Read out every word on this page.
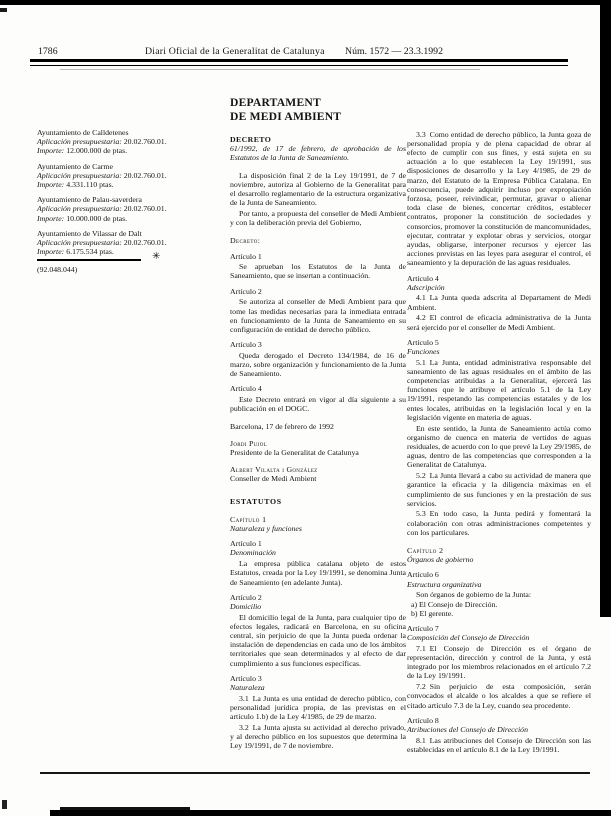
1786	Diari Oficial de la Generalitat de Catalunya Núm. 1572 — 23.3.1992
Ayuntamiento de Calldetenes
Aplicación presupuestaria: 20.02.760.01.
Importe: 12.000.000 de ptas.
Ayuntamiento de Carme
Aplicación presupuestaria: 20.02.760.01.
Importe: 4.331.110 ptas.
Ayuntamiento de Palau-saverdera
Aplicación presupuestaria: 20.02.760.01.
Importe: 10.000.000 de ptas.
Ayuntamiento de Vilassar de Dalt
Aplicación presupuestaria: 20.02.760.01.
Importe: 6.175.534 ptas.
(92.048.044)
✳
DEPARTAMENT
DE MEDI AMBIENT
DECRETO
61/1992, de 17 de febrero, de aprobación de los Estatutos de la Junta de Saneamiento.
La disposición final 2 de la Ley 19/1991, de 7 de noviembre, autoriza al Gobierno de la Generalitat para el desarrollo reglamentario de la estructura organizativa de la Junta de Saneamiento.
Por tanto, a propuesta del conseller de Medi Ambient y con la deliberación previa del Gobierno,
Decreto:
Artículo 1
Se aprueban los Estatutos de la Junta de Saneamiento, que se insertan a continuación.
Artículo 2
Se autoriza al conseller de Medi Ambient para que tome las medidas necesarias para la inmediata entrada en funcionamiento de la Junta de Saneamiento en su configuración de entidad de derecho público.
Artículo 3
Queda derogado el Decreto 134/1984, de 16 de marzo, sobre organización y funcionamiento de la Junta de Saneamiento.
Artículo 4
Este Decreto entrará en vigor al día siguiente a su publicación en el DOGC.
Barcelona, 17 de febrero de 1992
Jordi Pujol
Presidente de la Generalitat de Catalunya
Albert Vilalta i González
Conseller de Medi Ambient
ESTATUTOS
Capítulo 1
Naturaleza y funciones
Artículo 1
Denominación
La empresa pública catalana objeto de estos Estatutos, creada por la Ley 19/1991, se denomina Junta de Saneamiento (en adelante Junta).
Artículo 2
Domicilio
El domicilio legal de la Junta, para cualquier tipo de efectos legales, radicará en Barcelona, en su oficina central, sin perjuicio de que la Junta pueda ordenar la instalación de dependencias en cada uno de los ámbitos territoriales que sean determinados y al efecto de dar cumplimiento a sus funciones específicas.
Artículo 3
Naturaleza
3.1 La Junta es una entidad de derecho público, con personalidad jurídica propia, de las previstas en el artículo 1.b) de la Ley 4/1985, de 29 de marzo.
3.2 La Junta ajusta su actividad al derecho privado, y al derecho público en los supuestos que determina la Ley 19/1991, de 7 de noviembre.
3.3 Como entidad de derecho público, la Junta goza de personalidad propia y de plena capacidad de obrar al efecto de cumplir con sus fines, y está sujeta en su actuación a lo que establecen la Ley 19/1991, sus disposiciones de desarrollo y la Ley 4/1985, de 29 de marzo, del Estatuto de la Empresa Pública Catalana. En consecuencia, puede adquirir incluso por expropiación forzosa, poseer, reivindicar, permutar, gravar o alienar toda clase de bienes, concertar créditos, establecer contratos, proponer la constitución de sociedades y consorcios, promover la constitución de mancomunidades, ejecutar, contratar y explotar obras y servicios, otorgar ayudas, obligarse, interponer recursos y ejercer las acciones previstas en las leyes para asegurar el control, el saneamiento y la depuración de las aguas residuales.
Artículo 4
Adscripción
4.1 La Junta queda adscrita al Departament de Medi Ambient.
4.2 El control de eficacia administrativa de la Junta será ejercido por el conseller de Medi Ambient.
Artículo 5
Funciones
5.1 La Junta, entidad administrativa responsable del saneamiento de las aguas residuales en el ámbito de las competencias atribuidas a la Generalitat, ejercerá las funciones que le atribuye el artículo 5.1 de la Ley 19/1991, respetando las competencias estatales y de los entes locales, atribuidas en la legislación local y en la legislación vigente en materia de aguas.
En este sentido, la Junta de Saneamiento actúa como organismo de cuenca en materia de vertidos de aguas residuales, de acuerdo con lo que prevé la Ley 29/1985, de aguas, dentro de las competencias que corresponden a la Generalitat de Catalunya.
5.2 La Junta llevará a cabo su actividad de manera que garantice la eficacia y la diligencia máximas en el cumplimiento de sus funciones y en la prestación de sus servicios.
5.3 En todo caso, la Junta pedirá y fomentará la colaboración con otras administraciones competentes y con los particulares.
Capítulo 2
Órganos de gobierno
Artículo 6
Estructura organizativa
Son órganos de gobierno de la Junta:
a) El Consejo de Dirección.
b) El gerente.
Artículo 7
Composición del Consejo de Dirección
7.1 El Consejo de Dirección es el órgano de representación, dirección y control de la Junta, y está integrado por los miembros relacionados en el artículo 7.2 de la Ley 19/1991.
7.2 Sin perjuicio de esta composición, serán convocados el alcalde o los alcaldes a que se refiere el citado artículo 7.3 de la Ley, cuando sea procedente.
Artículo 8
Atribuciones del Consejo de Dirección
8.1 Las atribuciones del Consejo de Dirección son las establecidas en el artículo 8.1 de la Ley 19/1991.
